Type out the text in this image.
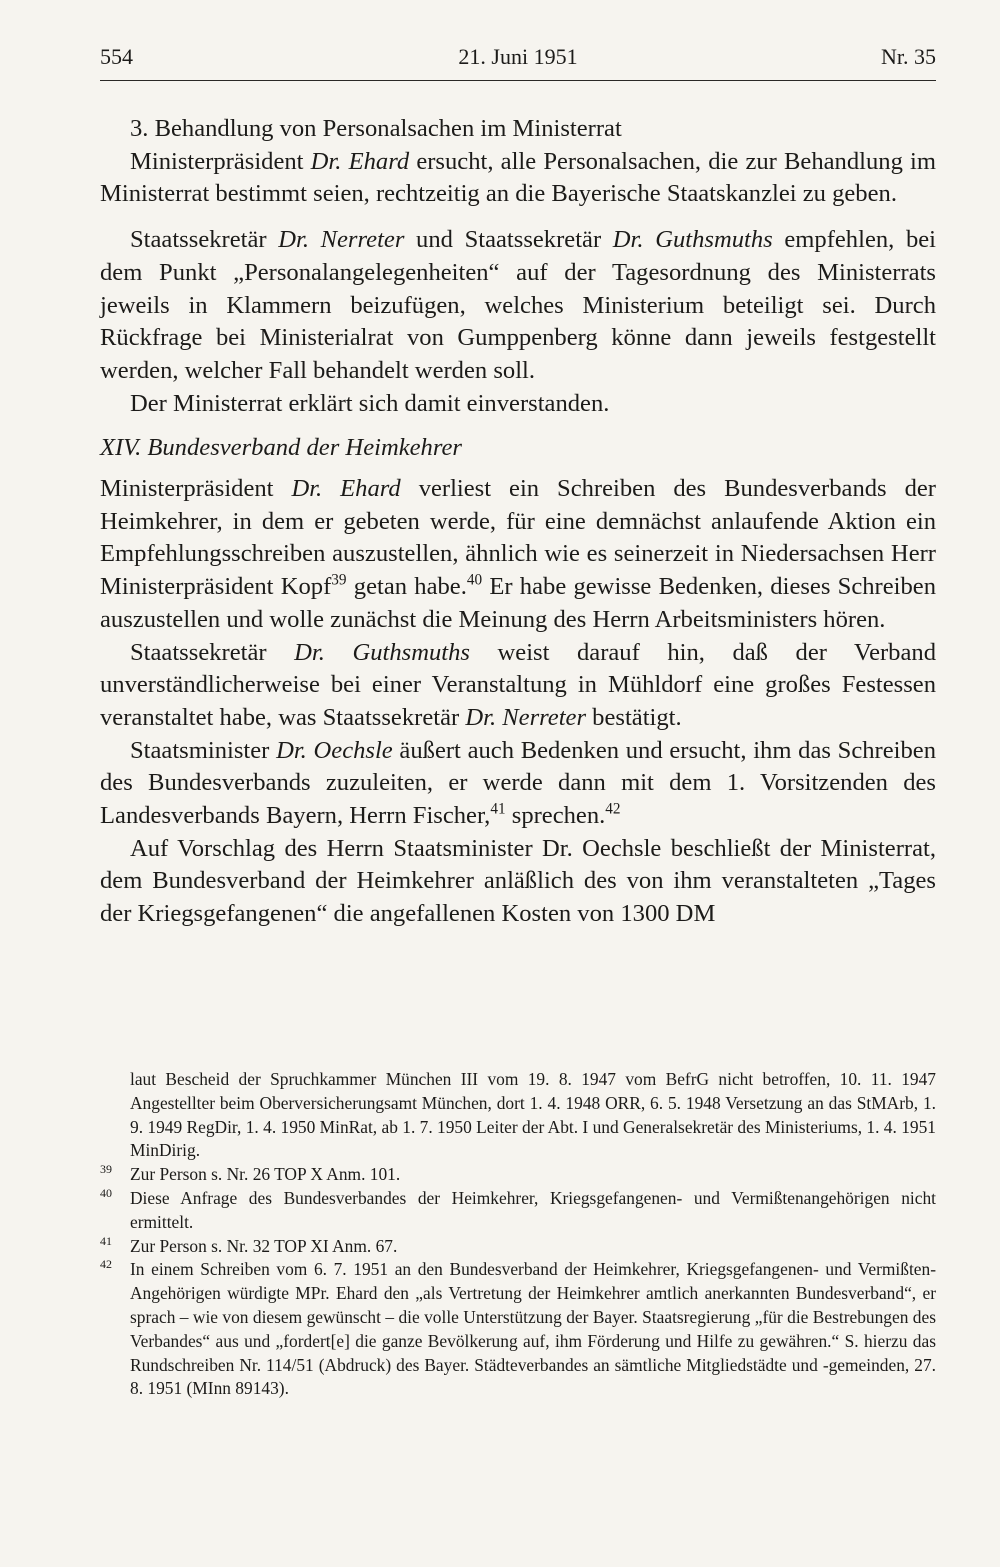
554	21. Juni 1951	Nr. 35

3. Behandlung von Personalsachen im Ministerrat

Ministerpräsident Dr. Ehard ersucht, alle Personalsachen, die zur Behandlung im Ministerrat bestimmt seien, rechtzeitig an die Bayerische Staatskanzlei zu geben.

Staatssekretär Dr. Nerreter und Staatssekretär Dr. Guthsmuths empfehlen, bei dem Punkt „Personalangelegenheiten“ auf der Tagesordnung des Ministerrats jeweils in Klammern beizufügen, welches Ministerium beteiligt sei. Durch Rückfrage bei Ministerialrat von Gumppenberg könne dann jeweils festgestellt werden, welcher Fall behandelt werden soll.

Der Ministerrat erklärt sich damit einverstanden.

XIV. Bundesverband der Heimkehrer

Ministerpräsident Dr. Ehard verliest ein Schreiben des Bundesverbands der Heimkehrer, in dem er gebeten werde, für eine demnächst anlaufende Aktion ein Empfehlungsschreiben auszustellen, ähnlich wie es seinerzeit in Niedersachsen Herr Ministerpräsident Kopf$^{39}$ getan habe.$^{40}$ Er habe gewisse Bedenken, dieses Schreiben auszustellen und wolle zunächst die Meinung des Herrn Arbeitsministers hören.

Staatssekretär Dr. Guthsmuths weist darauf hin, daß der Verband unverständlicherweise bei einer Veranstaltung in Mühldorf eine großes Festessen veranstaltet habe, was Staatssekretär Dr. Nerreter bestätigt.

Staatsminister Dr. Oechsle äußert auch Bedenken und ersucht, ihm das Schreiben des Bundesverbands zuzuleiten, er werde dann mit dem 1. Vorsitzenden des Landesverbands Bayern, Herrn Fischer,$^{41}$ sprechen.$^{42}$

Auf Vorschlag des Herrn Staatsminister Dr. Oechsle beschließt der Ministerrat, dem Bundesverband der Heimkehrer anläßlich des von ihm veranstalteten „Tages der Kriegsgefangenen“ die angefallenen Kosten von 1300 DM

laut Bescheid der Spruchkammer München III vom 19. 8. 1947 vom BefrG nicht betroffen, 10. 11. 1947 Angestellter beim Oberversicherungsamt München, dort 1. 4. 1948 ORR, 6. 5. 1948 Versetzung an das StMArb, 1. 9. 1949 RegDir, 1. 4. 1950 MinRat, ab 1. 7. 1950 Leiter der Abt. I und Generalsekretär des Ministeriums, 1. 4. 1951 MinDirig.

39 Zur Person s. Nr. 26 TOP X Anm. 101.

40 Diese Anfrage des Bundesverbandes der Heimkehrer, Kriegsgefangenen- und Vermißtenangehörigen nicht ermittelt.

41 Zur Person s. Nr. 32 TOP XI Anm. 67.

42 In einem Schreiben vom 6. 7. 1951 an den Bundesverband der Heimkehrer, Kriegsgefangenen- und Vermißten-Angehörigen würdigte MPr. Ehard den „als Vertretung der Heimkehrer amtlich anerkannten Bundesverband“, er sprach – wie von diesem gewünscht – die volle Unterstützung der Bayer. Staatsregierung „für die Bestrebungen des Verbandes“ aus und „fordert[e] die ganze Bevölkerung auf, ihm Förderung und Hilfe zu gewähren.“ S. hierzu das Rundschreiben Nr. 114/51 (Abdruck) des Bayer. Städteverbandes an sämtliche Mitgliedstädte und -gemeinden, 27. 8. 1951 (MInn 89143).
